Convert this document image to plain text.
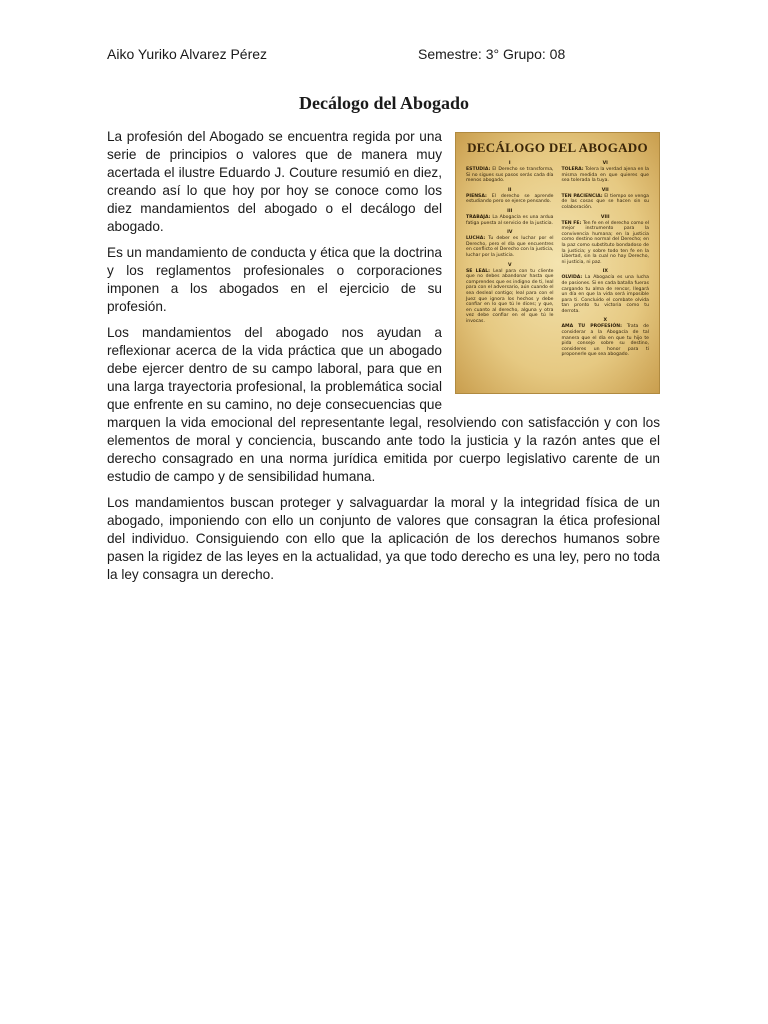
Aiko Yuriko Alvarez Pérez	Semestre: 3° Grupo: 08
Decálogo del Abogado
DECÁLOGO DEL ABOGADO
I
ESTUDIA: El Derecho se transforma, Si no sigues sus pasos serás cada día menos abogado.
II
PIENSA: El derecho se aprende estudiando pero se ejerce pensando.
III
TRABAJA: La Abogacía es una ardua fatiga puesta al servicio de la justicia.
IV
LUCHA: Tu deber es luchar por el Derecho, pero el día que encuentres en conflicto el Derecho con la justicia, luchar por la justicia.
V
SE LEAL: Leal para con tu cliente que no debes abandonar hasta que comprendes que es indigno de ti, leal para con el adversario, aún cuando el sea desleal contigo; leal para con el Juez que ignora los hechos y debe confiar en lo que tú le dices; y que, en cuanto al derecho, alguna y otra vez debe confiar en el que tú le invocas.
VI
TOLERA: Tolera la verdad ajena en la misma medida en que quieres que sea tolerada la tuya.
VII
TEN PACIENCIA: El tiempo se venga de las cosas que se hacen sin su colaboración.
VIII
TEN FE: Ten fe en el derecho como el mejor instrumento para la convivencia humana; en la justicia como destino normal del Derecho; en la paz como substituto bondadoso de la justicia; y sobre todo ten fe en la Libertad, sin la cual no hay Derecho, ni justicia, ni paz.
IX
OLVIDA: La Abogacía es una lucha de pasiones. Si en cada batalla fueras cargando tu alma de rencor, llegará un día en que la vida será imposible para ti. Concluido el combate olvida tan pronto tu victoria como tu derrota.
X
AMA TU PROFESIÓN: Trata de considerar a la Abogacía de tal manera que el día en que tu hijo te pida consejo sobre su destino, consideres un honor para ti proponerle que sea abogado.

La profesión del Abogado se encuentra regida por una serie de principios o valores que de manera muy acertada el ilustre Eduardo J. Couture resumió en diez, creando así lo que hoy por hoy se conoce como los diez mandamientos del abogado o el decálogo del abogado.

Es un mandamiento de conducta y ética que la doctrina y los reglamentos profesionales o corporaciones imponen a los abogados en el ejercicio de su profesión.

Los mandamientos del abogado nos ayudan a reflexionar acerca de la vida práctica que un abogado debe ejercer dentro de su campo laboral, para que en una larga trayectoria profesional, la problemática social que enfrente en su camino, no deje consecuencias que marquen la vida emocional del representante legal, resolviendo con satisfacción y con los elementos de moral y conciencia, buscando ante todo la justicia y la razón antes que el derecho consagrado en una norma jurídica emitida por cuerpo legislativo carente de un estudio de campo y de sensibilidad humana.

Los mandamientos buscan proteger y salvaguardar la moral y la integridad física de un abogado, imponiendo con ello un conjunto de valores que consagran la ética profesional del individuo. Consiguiendo con ello que la aplicación de los derechos humanos sobre pasen la rigidez de las leyes en la actualidad, ya que todo derecho es una ley, pero no toda la ley consagra un derecho.
